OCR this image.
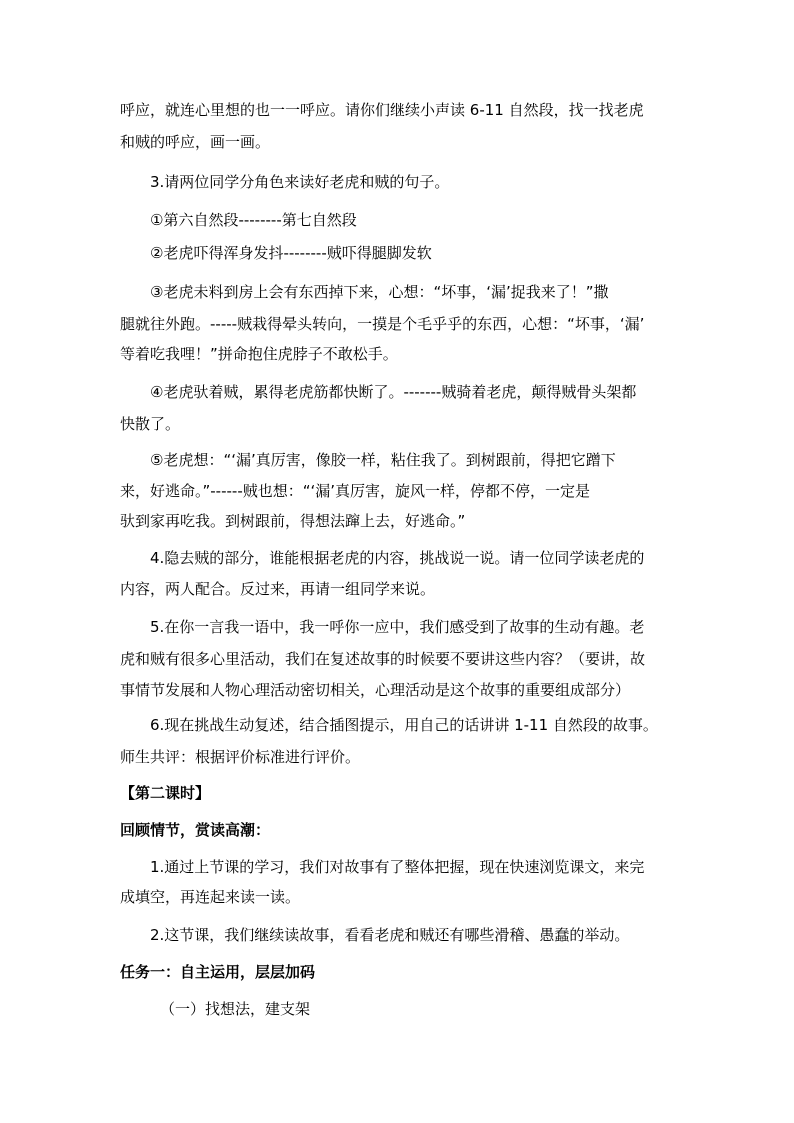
呼应，就连心里想的也一一呼应。请你们继续小声读 6-11 自然段，找一找老虎
和贼的呼应，画一画。
3.请两位同学分角色来读好老虎和贼的句子。
①第六自然段--------第七自然段
②老虎吓得浑身发抖--------贼吓得腿脚发软
③老虎未料到房上会有东西掉下来，心想：“坏事，‘漏’捉我来了！”撒
腿就往外跑。-----贼栽得晕头转向，一摸是个毛乎乎的东西，心想：“坏事，‘漏’
等着吃我哩！”拼命抱住虎脖子不敢松手。
④老虎驮着贼，累得老虎筋都快断了。-------贼骑着老虎，颠得贼骨头架都
快散了。
⑤老虎想：“‘漏’真厉害，像胶一样，粘住我了。到树跟前，得把它蹭下
来，好逃命。”------贼也想：“‘漏’真厉害，旋风一样，停都不停，一定是
驮到家再吃我。到树跟前，得想法蹿上去，好逃命。”
4.隐去贼的部分，谁能根据老虎的内容，挑战说一说。请一位同学读老虎的
内容，两人配合。反过来，再请一组同学来说。
5.在你一言我一语中，我一呼你一应中，我们感受到了故事的生动有趣。老
虎和贼有很多心里活动，我们在复述故事的时候要不要讲这些内容？（要讲，故
事情节发展和人物心理活动密切相关，心理活动是这个故事的重要组成部分）
6.现在挑战生动复述，结合插图提示，用自己的话讲讲 1-11 自然段的故事。
师生共评：根据评价标准进行评价。
【第二课时】
回顾情节，赏读高潮：
1.通过上节课的学习，我们对故事有了整体把握，现在快速浏览课文，来完
成填空，再连起来读一读。
2.这节课，我们继续读故事，看看老虎和贼还有哪些滑稽、愚蠢的举动。
任务一：自主运用，层层加码
（一）找想法，建支架
